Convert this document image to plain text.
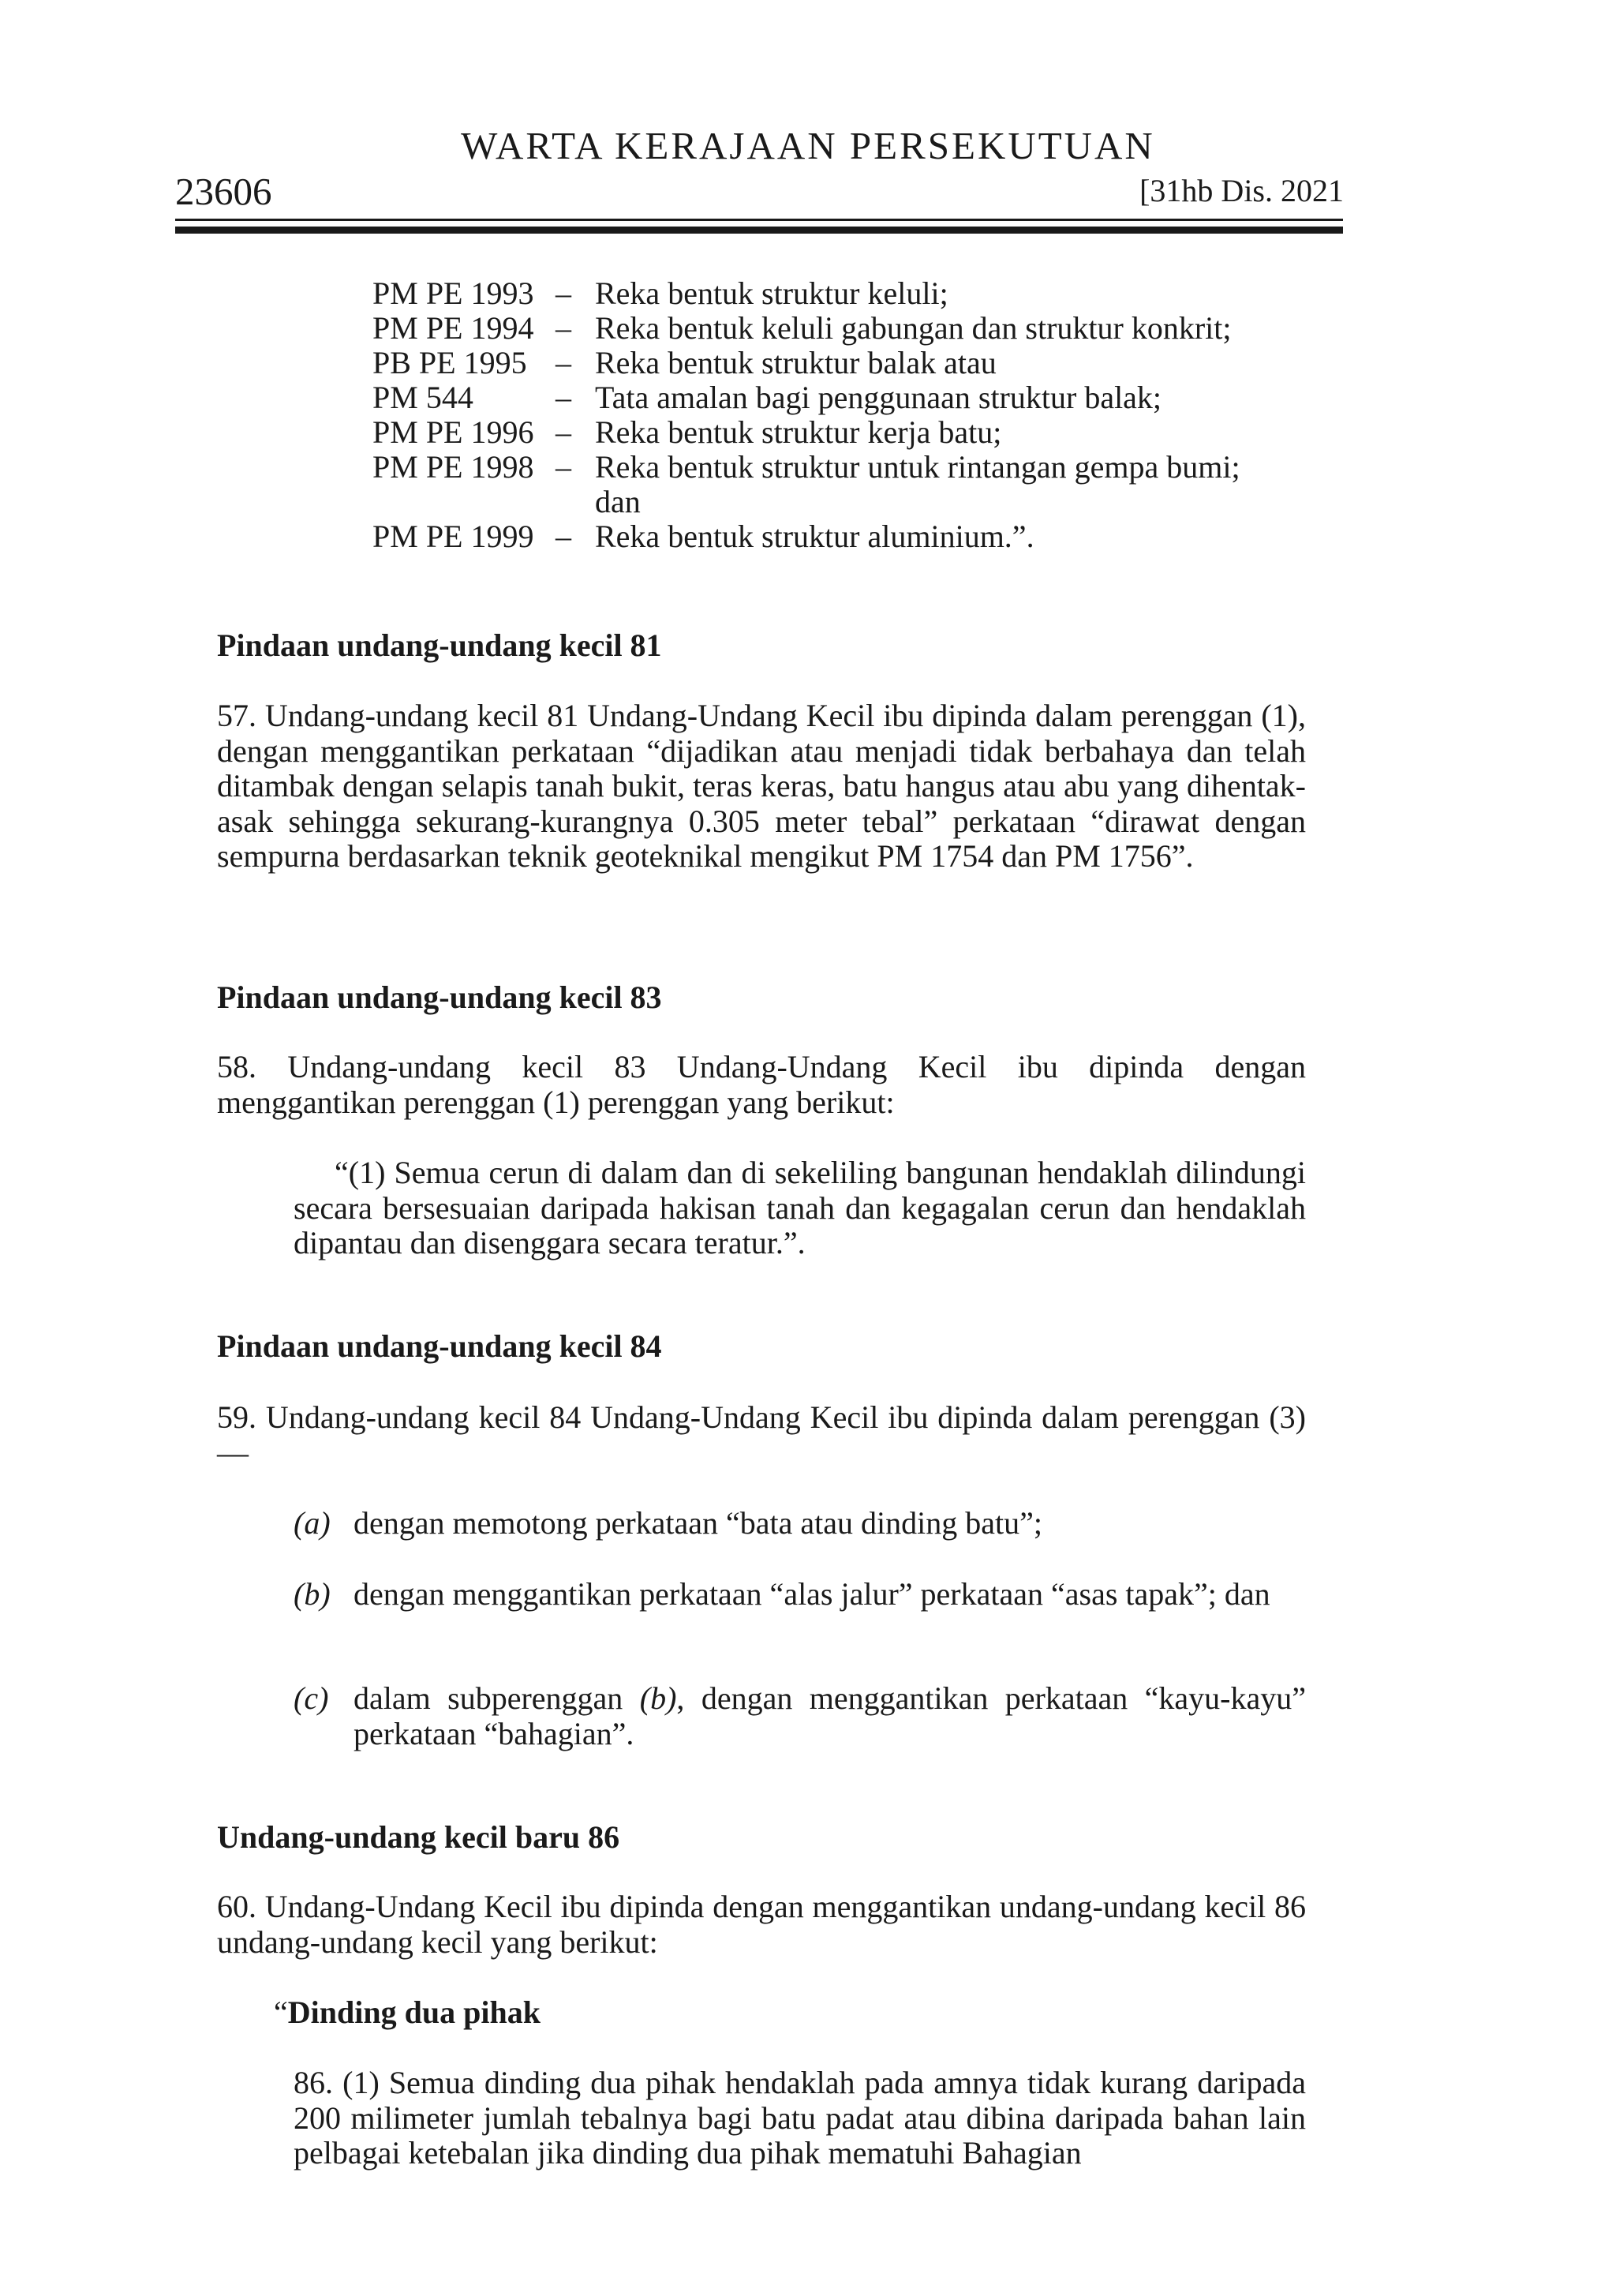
WARTA KERAJAAN PERSEKUTUAN
23606	[31hb Dis. 2021
PM PE 1993 – Reka bentuk struktur keluli;
PM PE 1994 – Reka bentuk keluli gabungan dan struktur konkrit;
PB PE 1995 – Reka bentuk struktur balak atau
PM 544	– Tata amalan bagi penggunaan struktur balak;
PM PE 1996 – Reka bentuk struktur kerja batu;
PM PE 1998 – Reka bentuk struktur untuk rintangan gempa bumi;
dan
PM PE 1999 – Reka bentuk struktur aluminium.”.
Pindaan undang-undang kecil 81

57. Undang-undang kecil 81 Undang-Undang Kecil ibu dipinda dalam perenggan (1), dengan menggantikan perkataan “dijadikan atau menjadi tidak berbahaya dan telah ditambak dengan selapis tanah bukit, teras keras, batu hangus atau abu yang dihentak-asak sehingga sekurang-kurangnya 0.305 meter tebal” perkataan “dirawat dengan sempurna berdasarkan teknik geoteknikal mengikut PM 1754 dan PM 1756”.

Pindaan undang-undang kecil 83

58. Undang-undang kecil 83 Undang-Undang Kecil ibu dipinda dengan menggantikan perenggan (1) perenggan yang berikut:

“(1) Semua cerun di dalam dan di sekeliling bangunan hendaklah dilindungi secara bersesuaian daripada hakisan tanah dan kegagalan cerun dan hendaklah dipantau dan disenggara secara teratur.”.

Pindaan undang-undang kecil 84

59. Undang-undang kecil 84 Undang-Undang Kecil ibu dipinda dalam perenggan (3)—

(a) dengan memotong perkataan “bata atau dinding batu”;
(b) dengan menggantikan perkataan “alas jalur” perkataan “asas tapak”; dan
(c) dalam subperenggan (b), dengan menggantikan perkataan “kayu-kayu” perkataan “bahagian”.
Undang-undang kecil baru 86

60. Undang-Undang Kecil ibu dipinda dengan menggantikan undang-undang kecil 86 undang-undang kecil yang berikut:

“Dinding dua pihak

86. (1) Semua dinding dua pihak hendaklah pada amnya tidak kurang daripada 200 milimeter jumlah tebalnya bagi batu padat atau dibina daripada bahan lain pelbagai ketebalan jika dinding dua pihak mematuhi Bahagian
